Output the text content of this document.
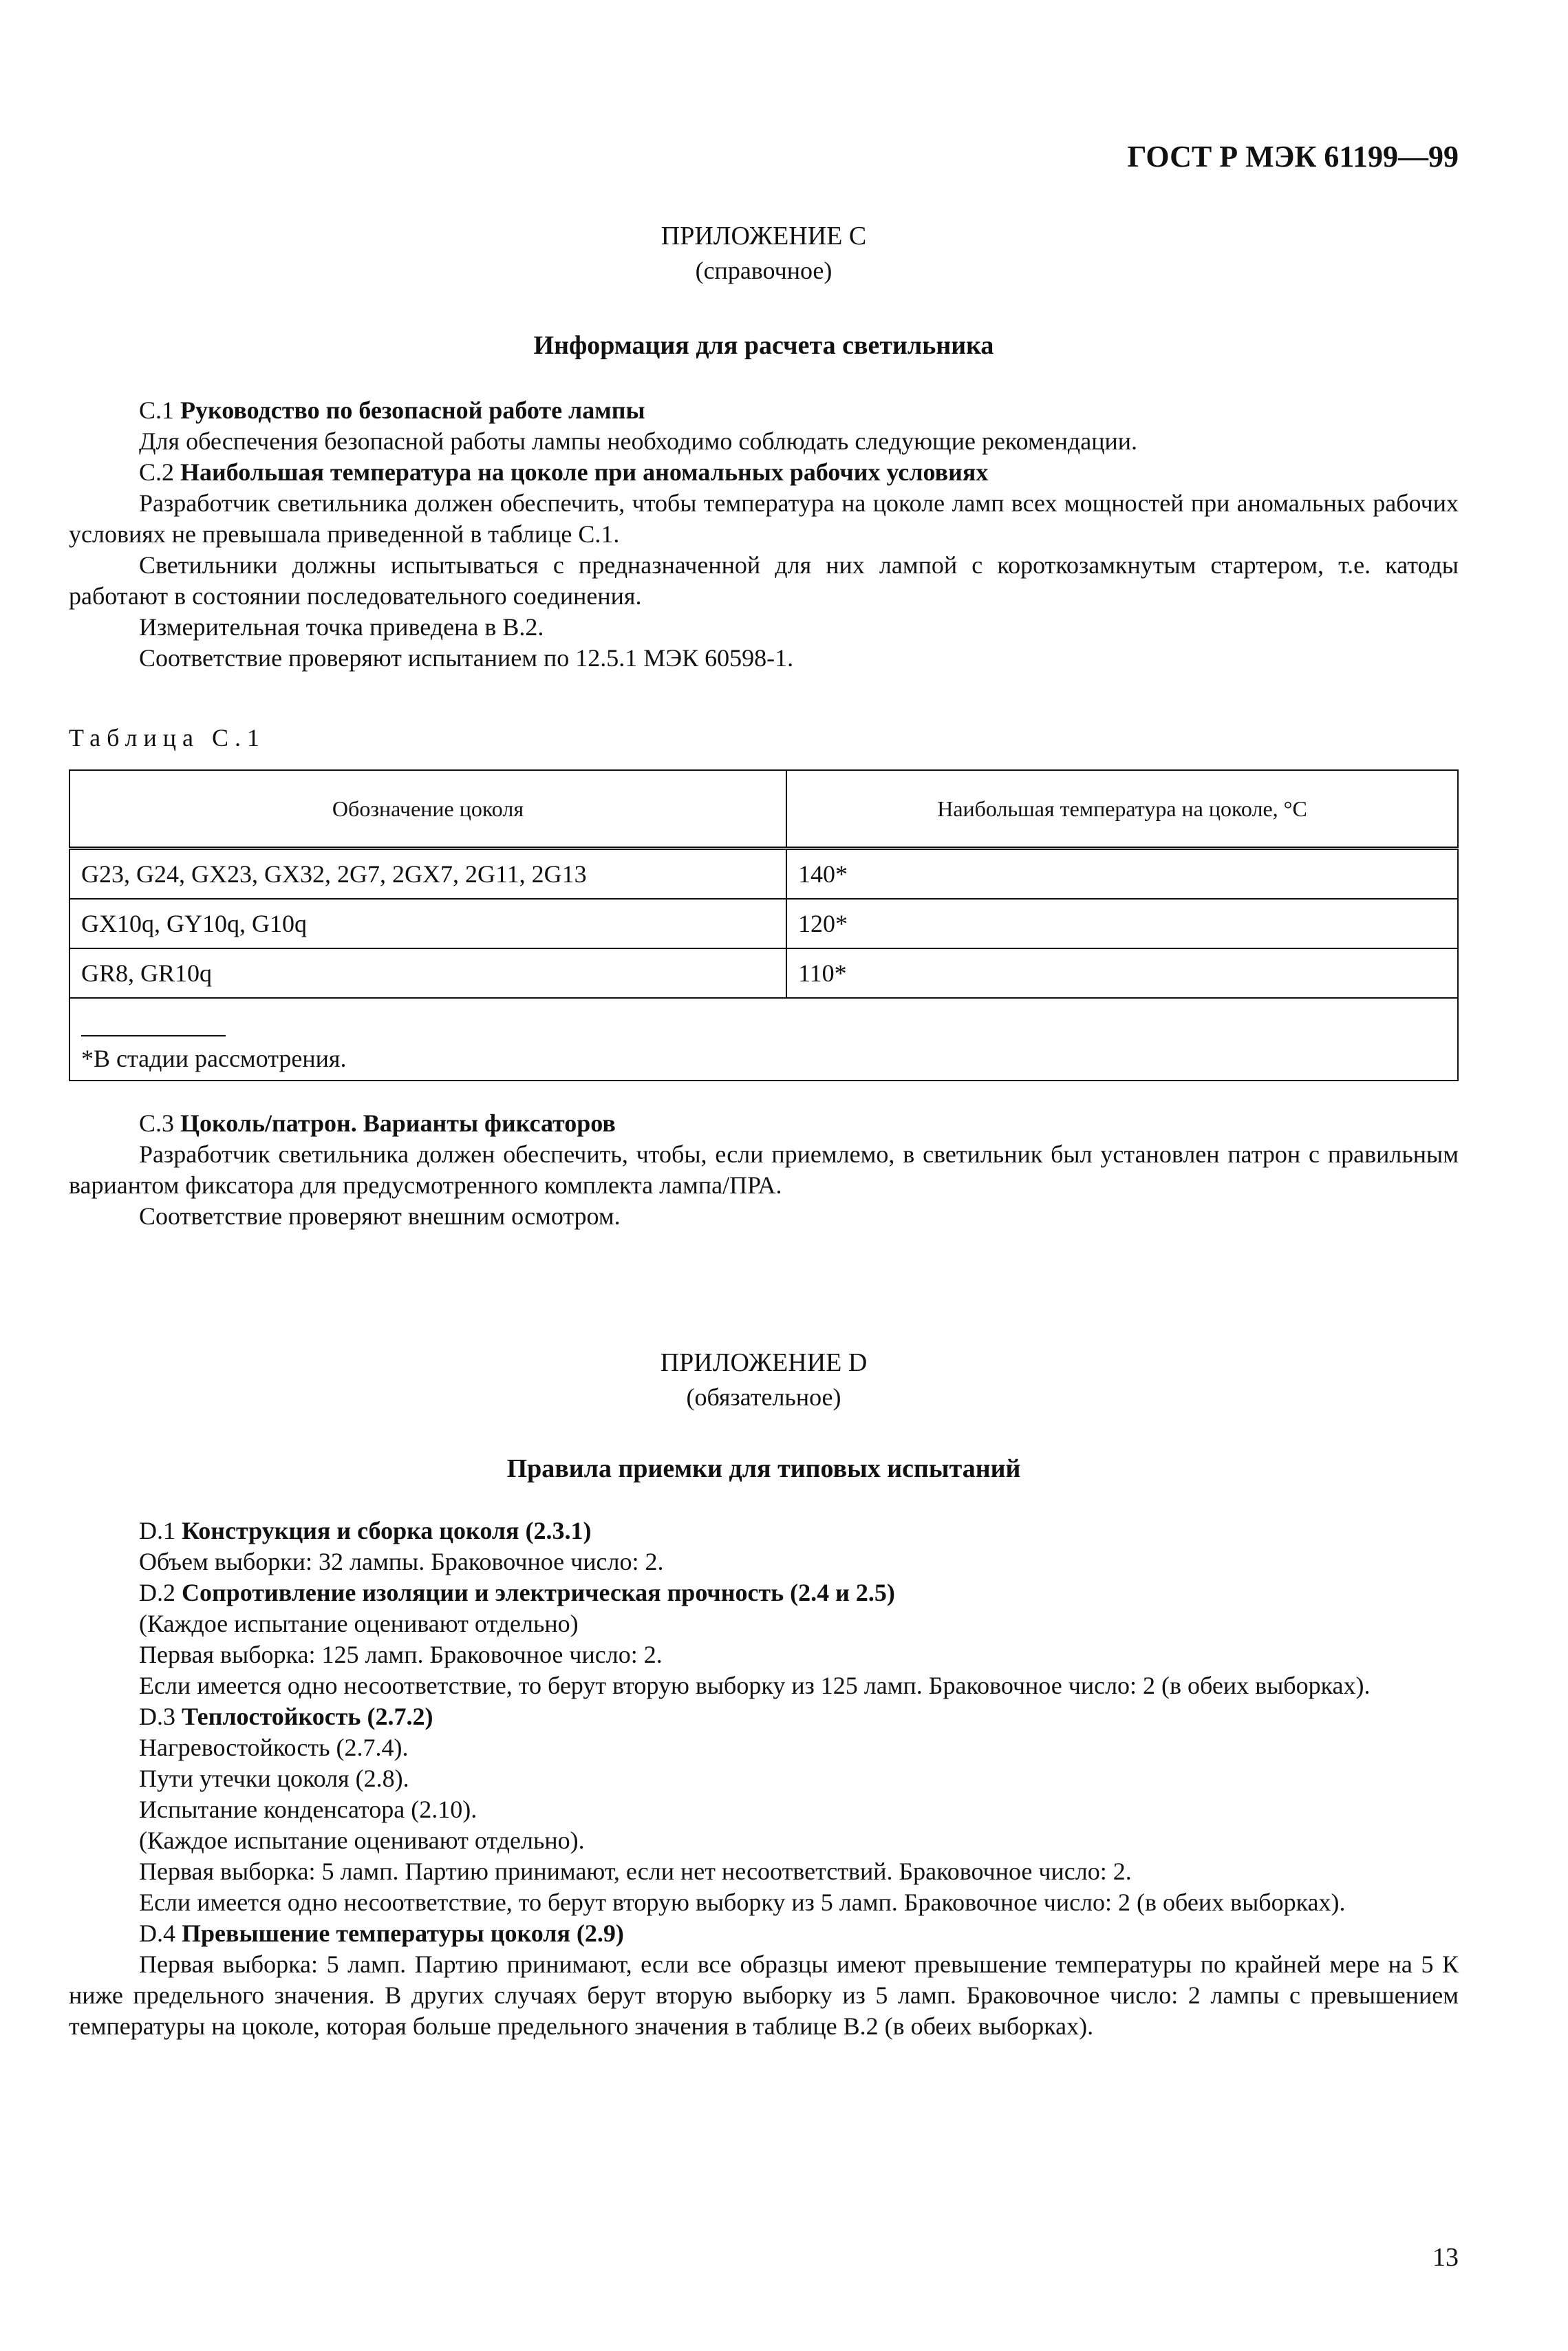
ГОСТ Р МЭК 61199—99
ПРИЛОЖЕНИЕ С
(справочное)
Информация для расчета светильника

С.1 Руководство по безопасной работе лампы

Для обеспечения безопасной работы лампы необходимо соблюдать следующие рекомендации.

С.2 Наибольшая температура на цоколе при аномальных рабочих условиях

Разработчик светильника должен обеспечить, чтобы температура на цоколе ламп всех мощностей при аномальных рабочих условиях не превышала приведенной в таблице С.1.

Светильники должны испытываться с предназначенной для них лампой с короткозамкнутым стартером, т.е. катоды работают в состоянии последовательного соединения.

Измерительная точка приведена в В.2.

Соответствие проверяют испытанием по 12.5.1 МЭК 60598-1.

Таблица С.1
Обозначение цоколя	Наибольшая температура на цоколе, °С
G23, G24, GX23, GX32, 2G7, 2GX7, 2G11, 2G13	140*
GX10q, GY10q, G10q	120*
GR8, GR10q	110*

*В стадии рассмотрения.	

С.3 Цоколь/патрон. Варианты фиксаторов

Разработчик светильника должен обеспечить, чтобы, если приемлемо, в светильник был установлен патрон с правильным вариантом фиксатора для предусмотренного комплекта лампа/ПРА.

Соответствие проверяют внешним осмотром.

ПРИЛОЖЕНИЕ D
(обязательное)
Правила приемки для типовых испытаний

D.1 Конструкция и сборка цоколя (2.3.1)

Объем выборки: 32 лампы. Браковочное число: 2.

D.2 Сопротивление изоляции и электрическая прочность (2.4 и 2.5)

(Каждое испытание оценивают отдельно)

Первая выборка: 125 ламп. Браковочное число: 2.

Если имеется одно несоответствие, то берут вторую выборку из 125 ламп. Браковочное число: 2 (в обеих выборках).

D.3 Теплостойкость (2.7.2)

Нагревостойкость (2.7.4).

Пути утечки цоколя (2.8).

Испытание конденсатора (2.10).

(Каждое испытание оценивают отдельно).

Первая выборка: 5 ламп. Партию принимают, если нет несоответствий. Браковочное число: 2.

Если имеется одно несоответствие, то берут вторую выборку из 5 ламп. Браковочное число: 2 (в обеих выборках).

D.4 Превышение температуры цоколя (2.9)

Первая выборка: 5 ламп. Партию принимают, если все образцы имеют превышение температуры по крайней мере на 5 К ниже предельного значения. В других случаях берут вторую выборку из 5 ламп. Браковочное число: 2 лампы с превышением температуры на цоколе, которая больше предельного значения в таблице В.2 (в обеих выборках).

13
